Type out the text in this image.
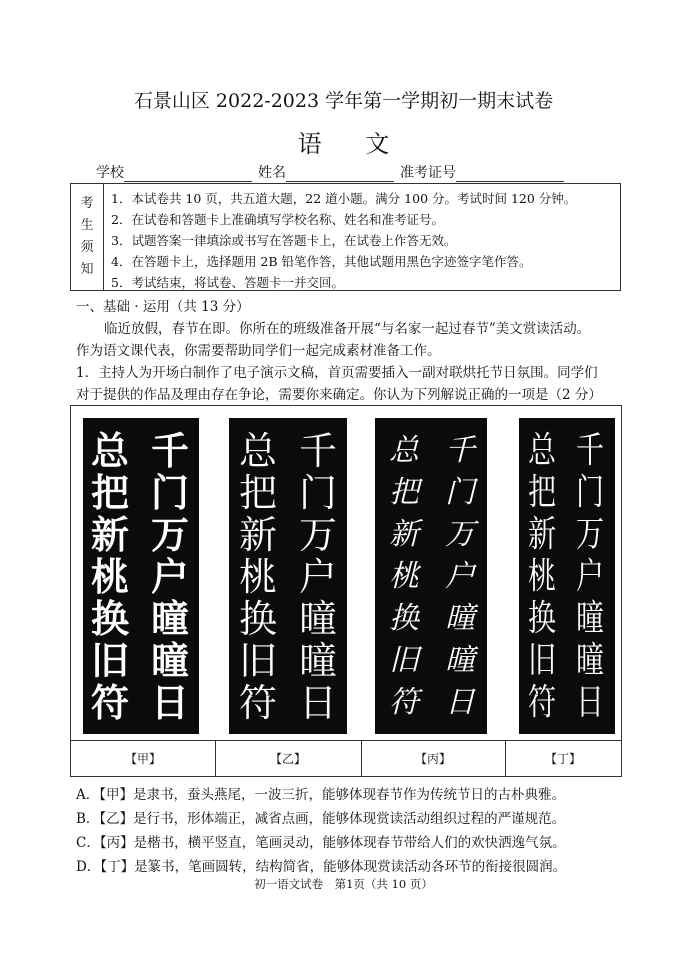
石景山区 2022-2023 学年第一学期初一期末试卷
语 文
学校	姓名	准考证号
考
生
须
知
1．本试卷共 10 页，共五道大题，22 道小题。满分 100 分。考试时间 120 分钟。
2．在试卷和答题卡上准确填写学校名称、姓名和准考证号。
3．试题答案一律填涂或书写在答题卡上，在试卷上作答无效。
4．在答题卡上，选择题用 2B 铅笔作答，其他试题用黑色字迹签字笔作答。
5．考试结束，将试卷、答题卡一并交回。
一、基础 · 运用（共 13 分）
临近放假，春节在即。你所在的班级准备开展“与名家一起过春节”美文赏读活动。
作为语文课代表，你需要帮助同学们一起完成素材准备工作。
1．主持人为开场白制作了电子演示文稿，首页需要插入一副对联烘托节日氛围。同学们
对于提供的作品及理由存在争论，需要你来确定。你认为下列解说正确的一项是（2 分）
总
把
新
桃
换
旧
符
千
门
万
户
曈
曈
日
总
把
新
桃
换
旧
符
千
门
万
户
曈
曈
日
总
把
新
桃
换
旧
符
千
门
万
户
曈
曈
日
总
把
新
桃
换
旧
符
千
门
万
户
曈
曈
日
【甲】	【乙】	【丙】	【丁】
A．【甲】是隶书，蚕头燕尾，一波三折，能够体现春节作为传统节日的古朴典雅。
B．【乙】是行书，形体端正，减省点画，能够体现赏读活动组织过程的严谨规范。
C．【丙】是楷书，横平竖直，笔画灵动，能够体现春节带给人们的欢快洒逸气氛。
D．【丁】是篆书，笔画圆转，结构简省，能够体现赏读活动各环节的衔接很圆润。
初一语文试卷　第1页（共 10 页）
